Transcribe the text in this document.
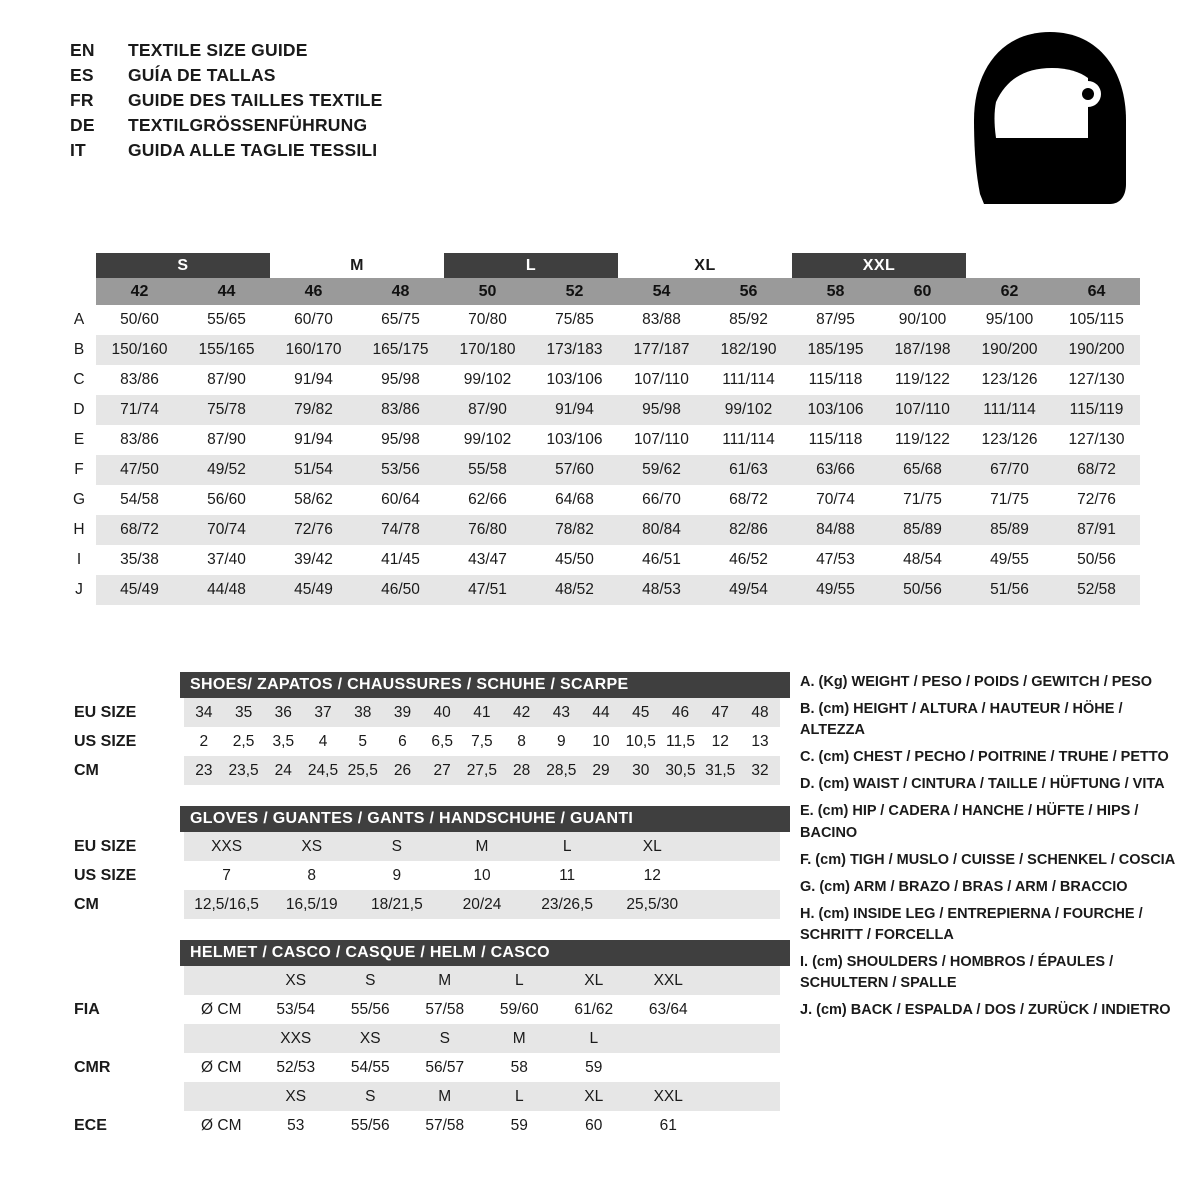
EN	TEXTILE SIZE GUIDE
ES	GUÍA DE TALLAS
FR	GUIDE DES TAILLES TEXTILE
DE	TEXTILGRÖSSENFÜHRUNG
IT	GUIDA ALLE TAGLIE TESSILI
	S		M		L		XL		XXL			
	42	44	46	48	50	52	54	56	58	60	62	64
A	50/60	55/65	60/70	65/75	70/80	75/85	83/88	85/92	87/95	90/100	95/100	105/115
B	150/160	155/165	160/170	165/175	170/180	173/183	177/187	182/190	185/195	187/198	190/200	190/200
C	83/86	87/90	91/94	95/98	99/102	103/106	107/110	111/114	115/118	119/122	123/126	127/130
D	71/74	75/78	79/82	83/86	87/90	91/94	95/98	99/102	103/106	107/110	111/114	115/119
E	83/86	87/90	91/94	95/98	99/102	103/106	107/110	111/114	115/118	119/122	123/126	127/130
F	47/50	49/52	51/54	53/56	55/58	57/60	59/62	61/63	63/66	65/68	67/70	68/72
G	54/58	56/60	58/62	60/64	62/66	64/68	66/70	68/72	70/74	71/75	71/75	72/76
H	68/72	70/74	72/76	74/78	76/80	78/82	80/84	82/86	84/88	85/89	85/89	87/91
I	35/38	37/40	39/42	41/45	43/47	45/50	46/51	46/52	47/53	48/54	49/55	50/56
J	45/49	44/48	45/49	46/50	47/51	48/52	48/53	49/54	49/55	50/56	51/56	52/58
SHOES/ ZAPATOS / CHAUSSURES / SCHUHE / SCARPE
EU SIZE	34	35	36	37	38	39	40	41	42	43	44	45	46	47	48
US SIZE	2	2,5	3,5	4	5	6	6,5	7,5	8	9	10	10,5	11,5	12	13
CM	23	23,5	24	24,5	25,5	26	27	27,5	28	28,5	29	30	30,5	31,5	32
GLOVES / GUANTES / GANTS / HANDSCHUHE / GUANTI
EU SIZE	XXS	XS	S	M	L	XL	
US SIZE	7	8	9	10	11	12	
CM	12,5/16,5	16,5/19	18/21,5	20/24	23/26,5	25,5/30	
HELMET / CASCO / CASQUE / HELM / CASCO
		XS	S	M	L	XL	XXL	
FIA	Ø CM	53/54	55/56	57/58	59/60	61/62	63/64	
		XXS	XS	S	M	L		
CMR	Ø CM	52/53	54/55	56/57	58	59		
		XS	S	M	L	XL	XXL	
ECE	Ø CM	53	55/56	57/58	59	60	61	
A. (Kg) WEIGHT / PESO / POIDS / GEWITCH / PESO
B. (cm) HEIGHT / ALTURA / HAUTEUR / HÖHE / ALTEZZA
C. (cm) CHEST / PECHO / POITRINE / TRUHE / PETTO
D. (cm) WAIST / CINTURA / TAILLE / HÜFTUNG / VITA
E. (cm) HIP / CADERA / HANCHE / HÜFTE / HIPS / BACINO
F. (cm) TIGH / MUSLO / CUISSE / SCHENKEL / COSCIA
G. (cm) ARM / BRAZO / BRAS / ARM / BRACCIO
H. (cm) INSIDE LEG / ENTREPIERNA / FOURCHE / SCHRITT / FORCELLA
I. (cm) SHOULDERS / HOMBROS / ÉPAULES / SCHULTERN / SPALLE
J. (cm) BACK / ESPALDA / DOS / ZURÜCK / INDIETRO
